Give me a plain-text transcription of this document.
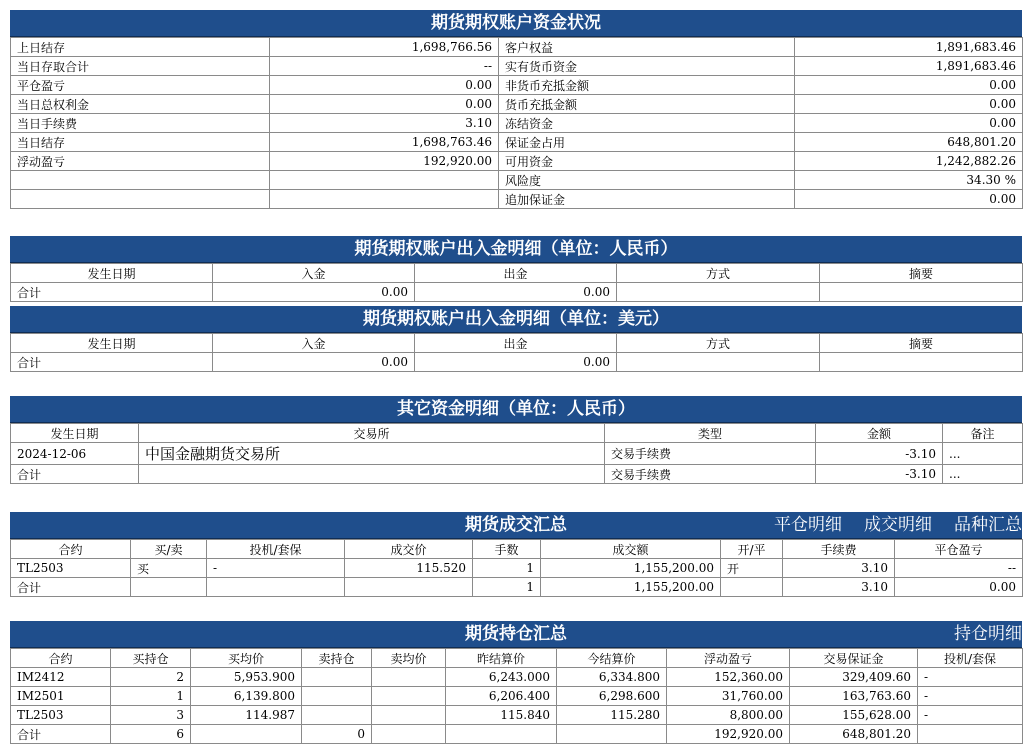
期货期权账户资金状况
上日结存	1,698,766.56	客户权益	1,891,683.46
当日存取合计	--	实有货币资金	1,891,683.46
平仓盈亏	0.00	非货币充抵金额	0.00
当日总权利金	0.00	货币充抵金额	0.00
当日手续费	3.10	冻结资金	0.00
当日结存	1,698,763.46	保证金占用	648,801.20
浮动盈亏	192,920.00	可用资金	1,242,882.26
		风险度	34.30 %
		追加保证金	0.00
期货期权账户出入金明细（单位：人民币）
发生日期	入金	出金	方式	摘要
合计	0.00	0.00		
期货期权账户出入金明细（单位：美元）
发生日期	入金	出金	方式	摘要
合计	0.00	0.00		
其它资金明细（单位：人民币）
发生日期	交易所	类型	金额	备注
2024-12-06	中国金融期货交易所	交易手续费	-3.10	...
合计		交易手续费	-3.10	...
期货成交汇总	平仓明细 成交明细 品种汇总
合约	买/卖	投机/套保	成交价	手数	成交额	开/平	手续费	平仓盈亏
TL2503	买	-	115.520	1	1,155,200.00	开	3.10	--
合计				1	1,155,200.00		3.10	0.00
期货持仓汇总	持仓明细
合约	买持仓	买均价	卖持仓	卖均价	昨结算价	今结算价	浮动盈亏	交易保证金	投机/套保
IM2412	2	5,953.900			6,243.000	6,334.800	152,360.00	329,409.60	-
IM2501	1	6,139.800			6,206.400	6,298.600	31,760.00	163,763.60	-
TL2503	3	114.987			115.840	115.280	8,800.00	155,628.00	-
合计	6		0				192,920.00	648,801.20	
